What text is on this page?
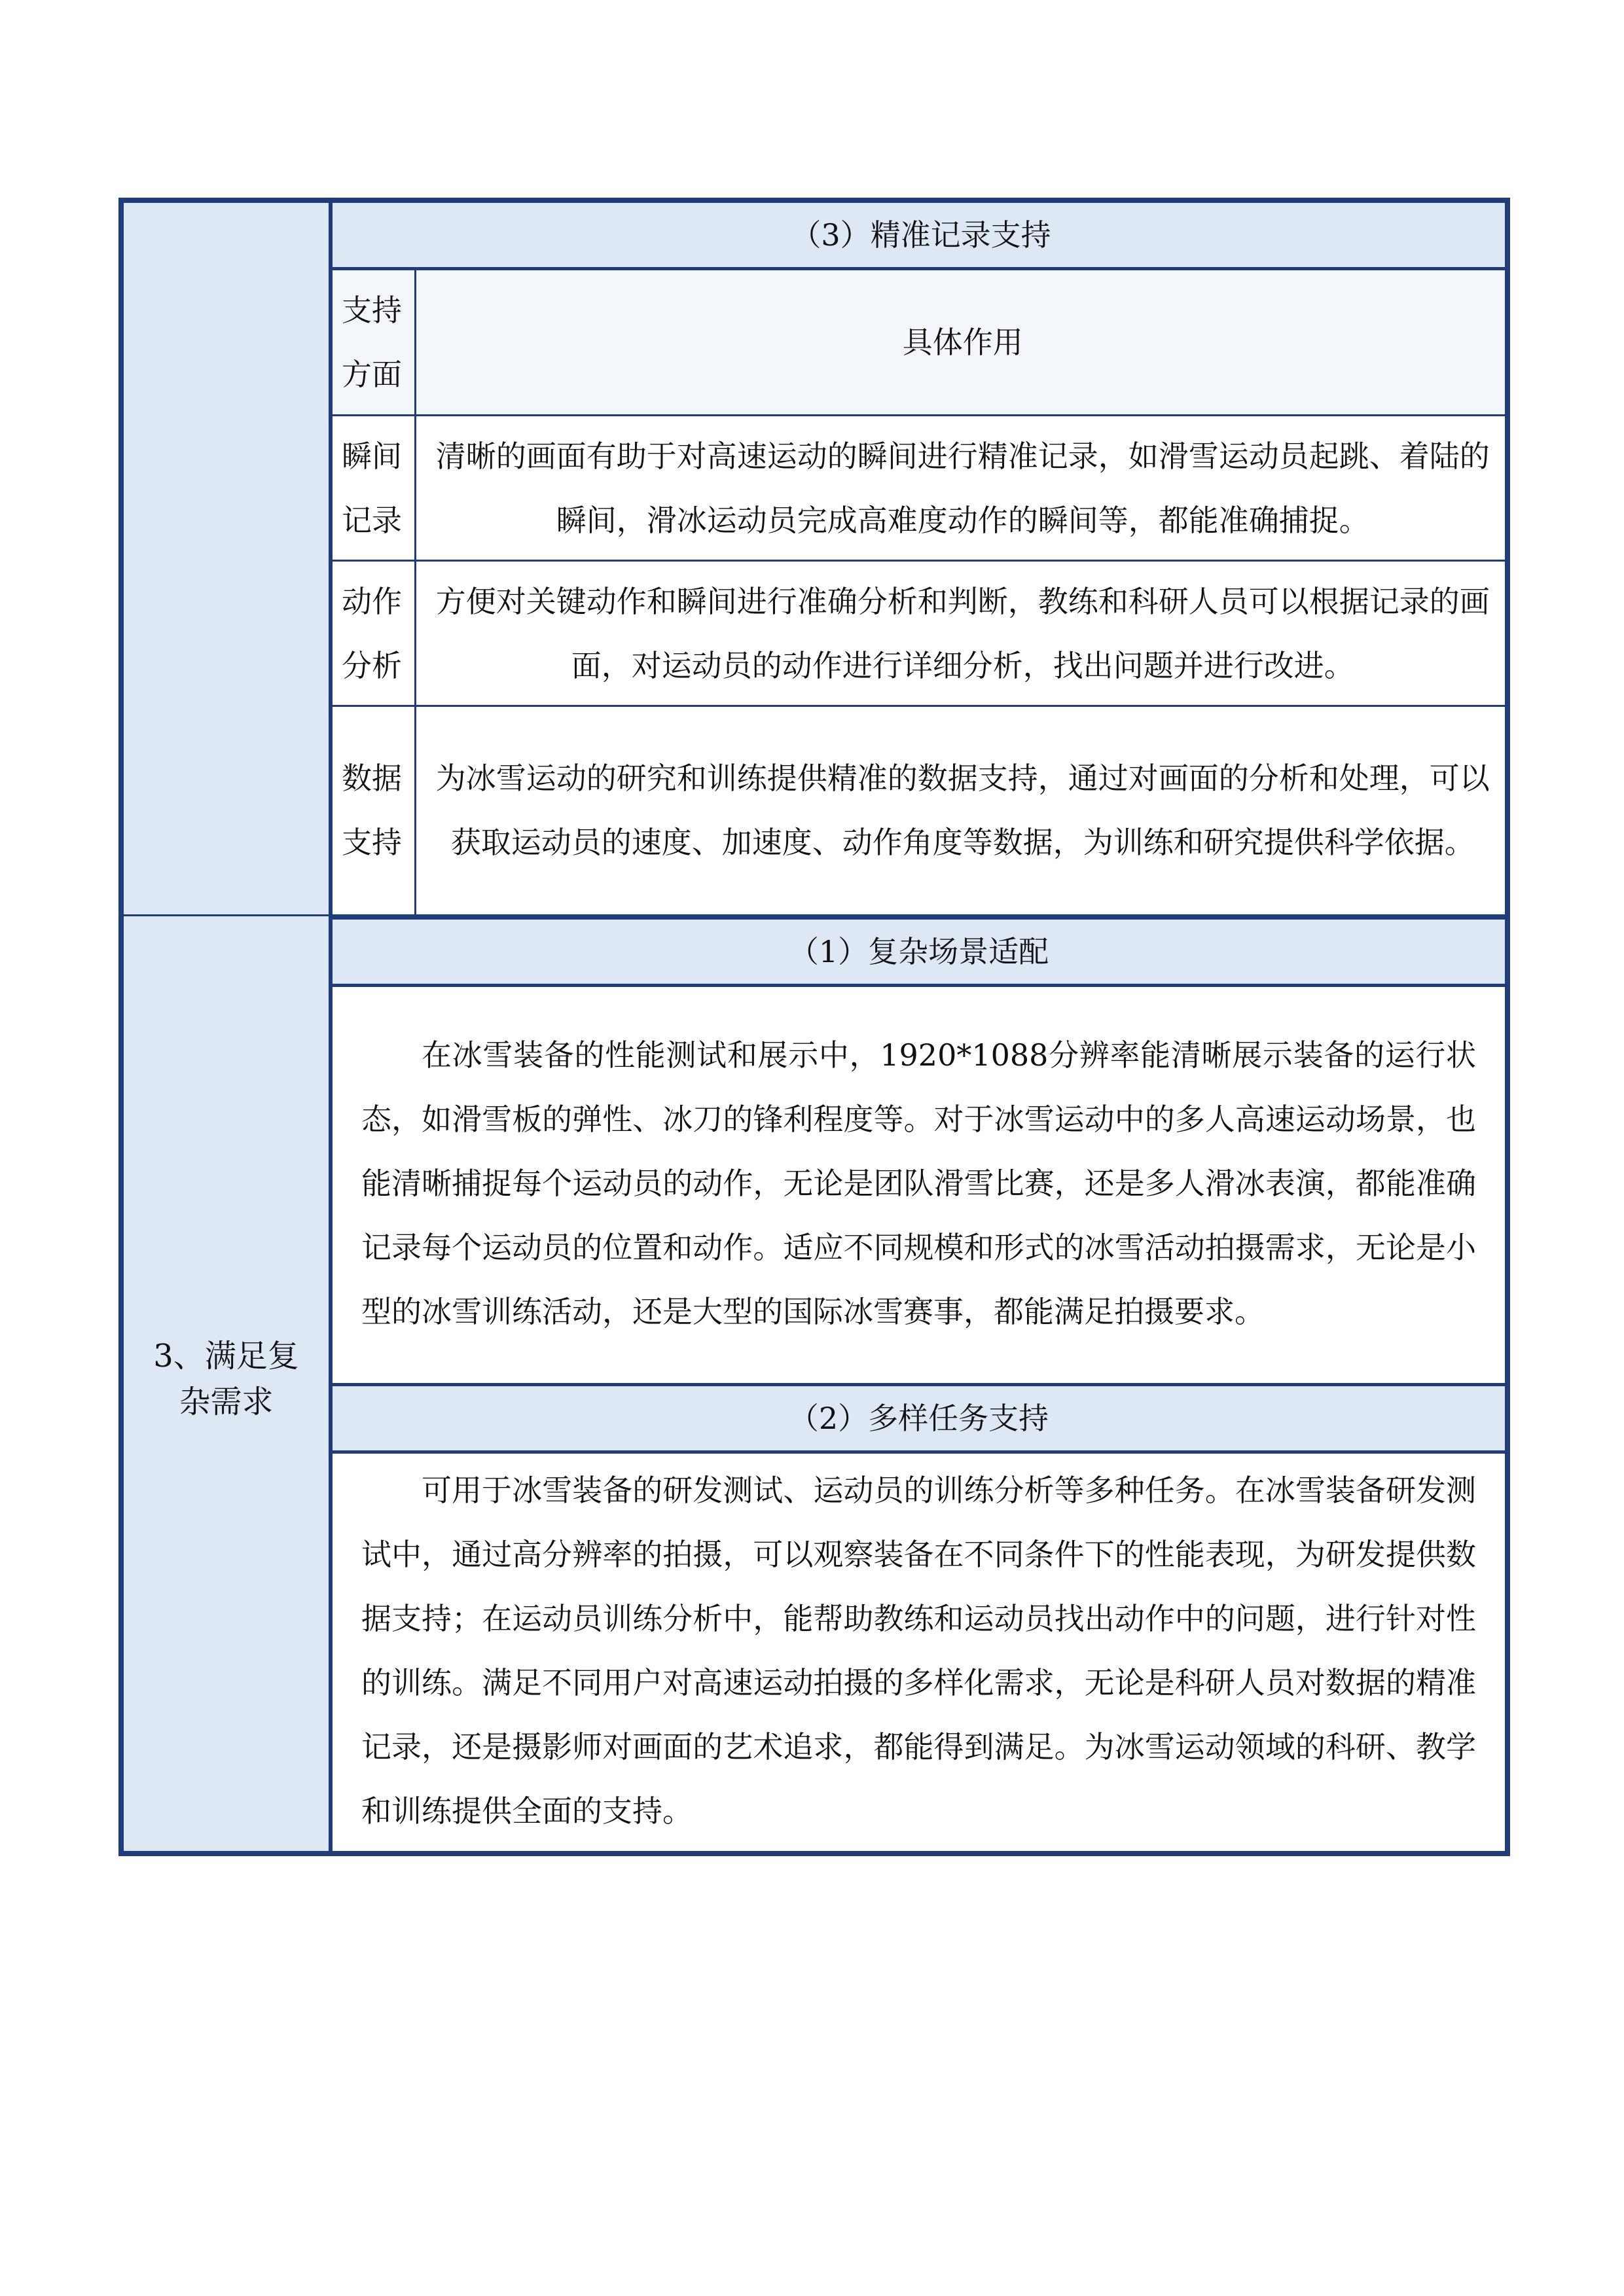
（3）精准记录支持
支持方面	具体作用
瞬间记录	清晰的画面有助于对高速运动的瞬间进行精准记录，如滑雪运动员起跳、着陆的瞬间，滑冰运动员完成高难度动作的瞬间等，都能准确捕捉。
动作分析	方便对关键动作和瞬间进行准确分析和判断，教练和科研人员可以根据记录的画面，对运动员的动作进行详细分析，找出问题并进行改进。
数据支持	为冰雪运动的研究和训练提供精准的数据支持，通过对画面的分析和处理，可以获取运动员的速度、加速度、动作角度等数据，为训练和研究提供科学依据。

3、满足复杂需求	
（1）复杂场景适配

在冰雪装备的性能测试和展示中，1920*1088分辨率能清晰展示装备的运行状态，如滑雪板的弹性、冰刀的锋利程度等。对于冰雪运动中的多人高速运动场景，也能清晰捕捉每个运动员的动作，无论是团队滑雪比赛，还是多人滑冰表演，都能准确记录每个运动员的位置和动作。适应不同规模和形式的冰雪活动拍摄需求，无论是小型的冰雪训练活动，还是大型的国际冰雪赛事，都能满足拍摄要求。

（2）多样任务支持

可用于冰雪装备的研发测试、运动员的训练分析等多种任务。在冰雪装备研发测试中，通过高分辨率的拍摄，可以观察装备在不同条件下的性能表现，为研发提供数据支持；在运动员训练分析中，能帮助教练和运动员找出动作中的问题，进行针对性的训练。满足不同用户对高速运动拍摄的多样化需求，无论是科研人员对数据的精准记录，还是摄影师对画面的艺术追求，都能得到满足。为冰雪运动领域的科研、教学和训练提供全面的支持。
